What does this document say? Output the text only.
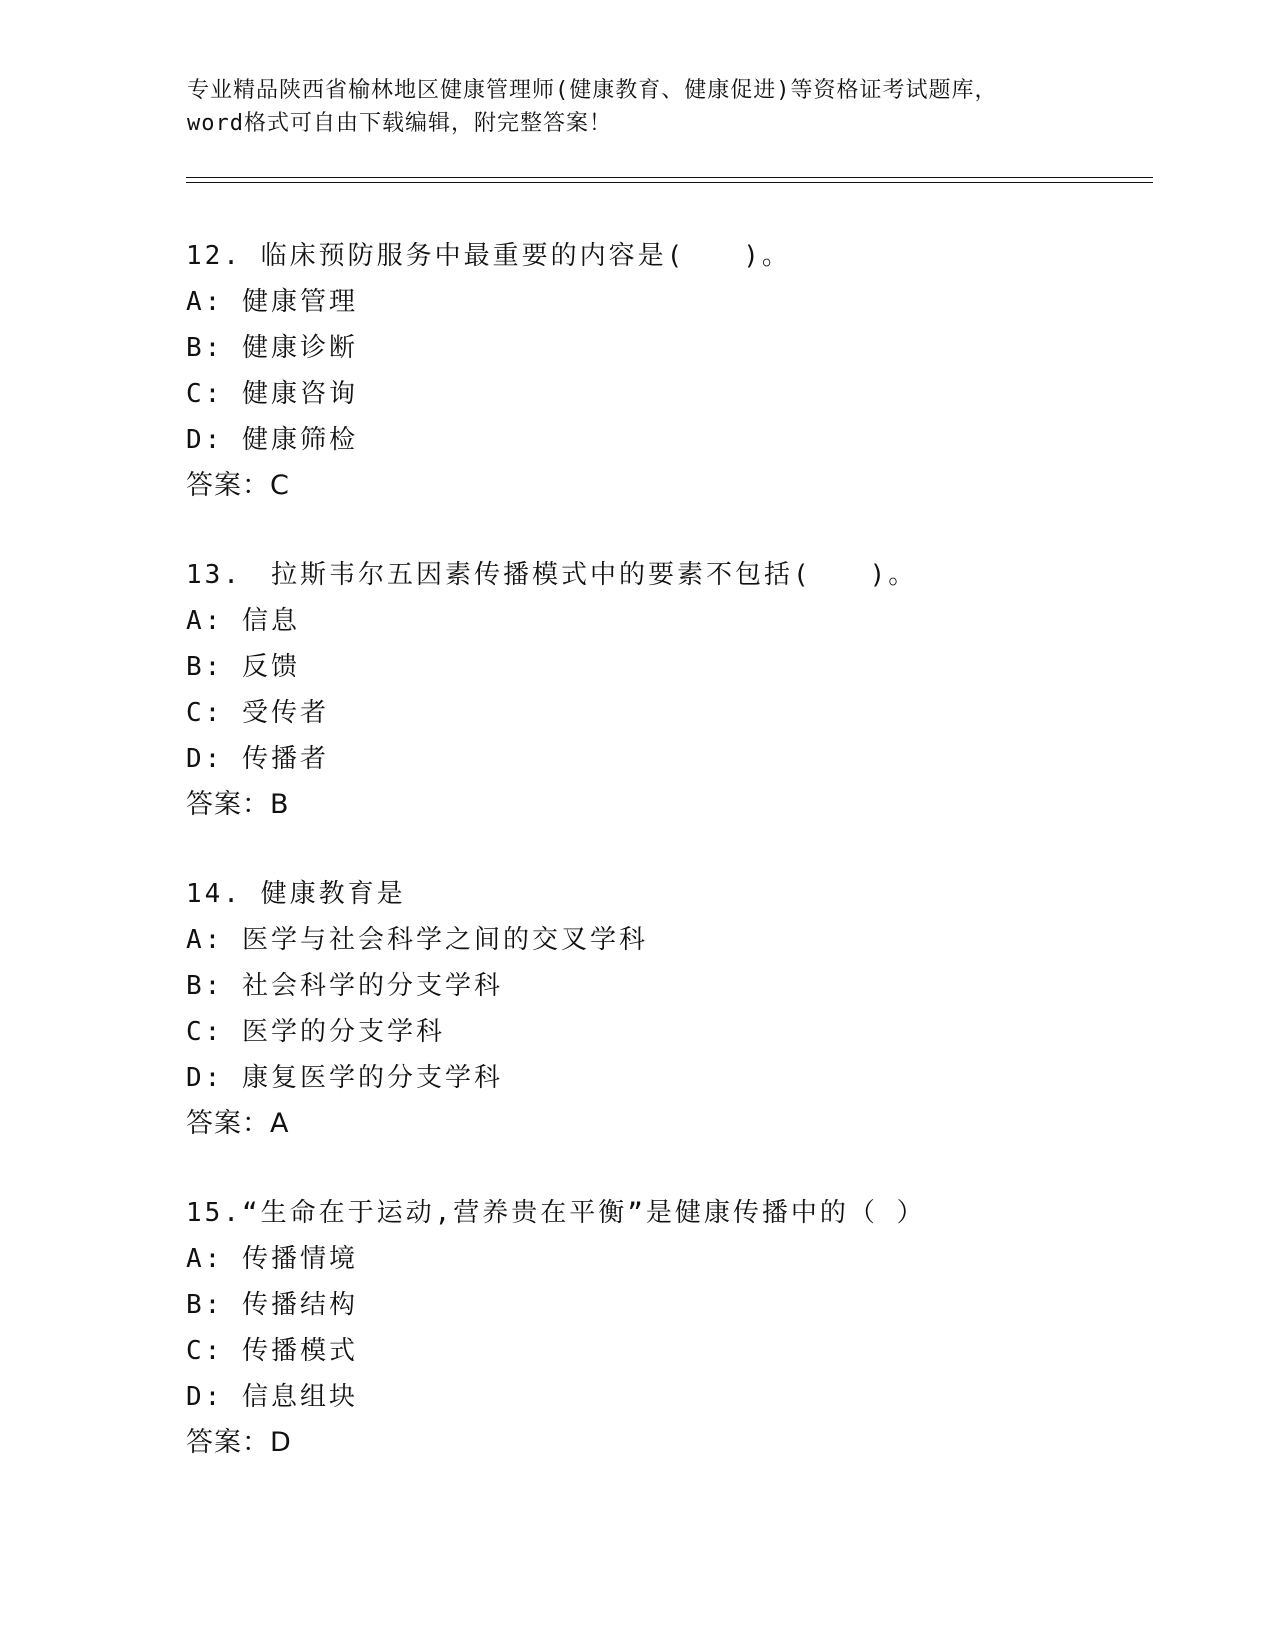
专业精品陕西省榆林地区健康管理师(健康教育、健康促进)等资格证考试题库，
word格式可自由下载编辑，附完整答案！
12. 临床预防服务中最重要的内容是(　　)。
A: 健康管理
B: 健康诊断
C: 健康咨询
D: 健康筛检
答案：C
13.　拉斯韦尔五因素传播模式中的要素不包括(　　)。
A: 信息
B: 反馈
C: 受传者
D: 传播者
答案：B
14. 健康教育是
A: 医学与社会科学之间的交叉学科
B: 社会科学的分支学科
C: 医学的分支学科
D: 康复医学的分支学科
答案：A
15.“生命在于运动,营养贵在平衡”是健康传播中的（ ）
A: 传播情境
B: 传播结构
C: 传播模式
D: 信息组块
答案：D
